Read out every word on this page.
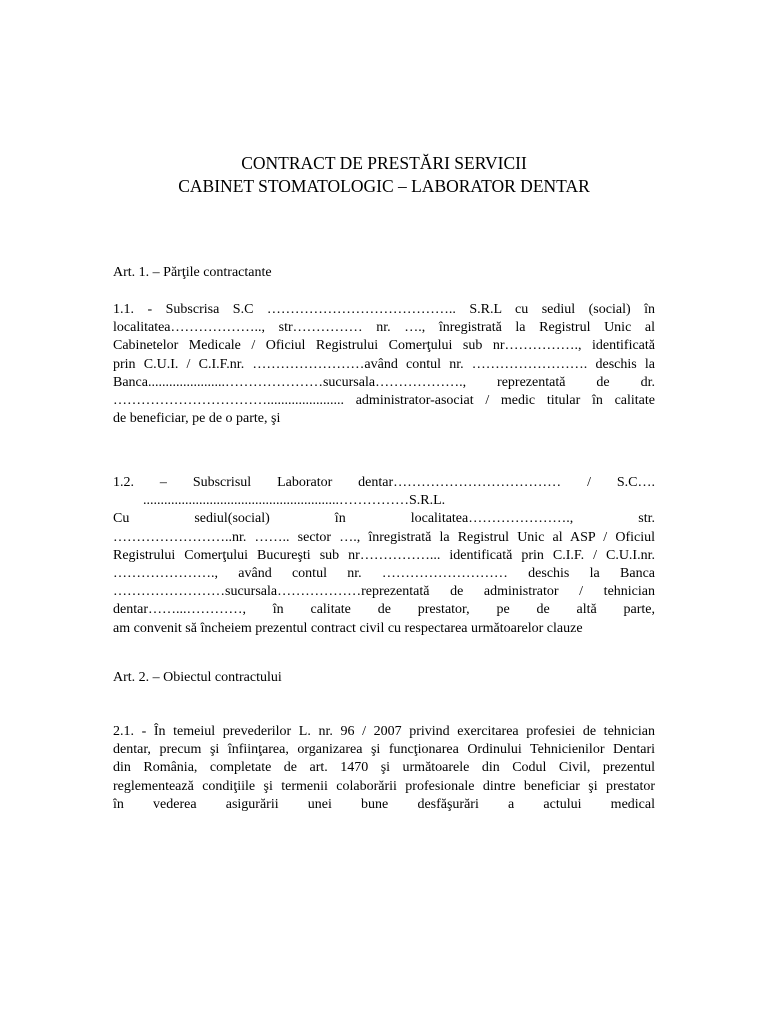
CONTRACT DE PRESTĂRI SERVICII
CABINET STOMATOLOGIC – LABORATOR DENTAR
Art. 1. – Părţile contractante
1.1. - Subscrisa S.C ………………………………….. S.R.L cu sediul (social) în
localitatea……………….., str…………… nr. …., înregistrată la Registrul Unic al
Cabinetelor Medicale / Oficiul Registrului Comerţului sub nr……………., identificată
prin C.U.I. / C.I.F.nr. ……………………având contul nr. ……………………. deschis la
Banca......................…………………sucursala………………., reprezentată de dr.
……………………………...................... administrator-asociat / medic titular în calitate
de beneficiar, pe de o parte, şi
1.2. – Subscrisul Laborator dentar……………………………… / S.C….
........................................................……………S.R.L.
Cu sediul(social) în localitatea…………………., str.
……………………..nr. …….. sector …., înregistrată la Registrul Unic al ASP / Oficiul
Registrului Comerţului Bucureşti sub nr……………... identificată prin C.I.F. / C.U.I.nr.
…………………., având contul nr. ……………………… deschis la Banca
……………………sucursala………………reprezentată de administrator / tehnician
dentar……...…………, în calitate de prestator, pe de altă parte,
am convenit să încheiem prezentul contract civil cu respectarea următoarelor clauze
Art. 2. – Obiectul contractului
2.1. - În temeiul prevederilor L. nr. 96 / 2007 privind exercitarea profesiei de tehnician
dentar, precum şi înfiinţarea, organizarea şi funcţionarea Ordinului Tehnicienilor Dentari
din România, completate de art. 1470 şi următoarele din Codul Civil, prezentul
reglementează condiţiile şi termenii colaborării profesionale dintre beneficiar şi prestator
în vederea asigurării unei bune desfăşurări a actului medical
